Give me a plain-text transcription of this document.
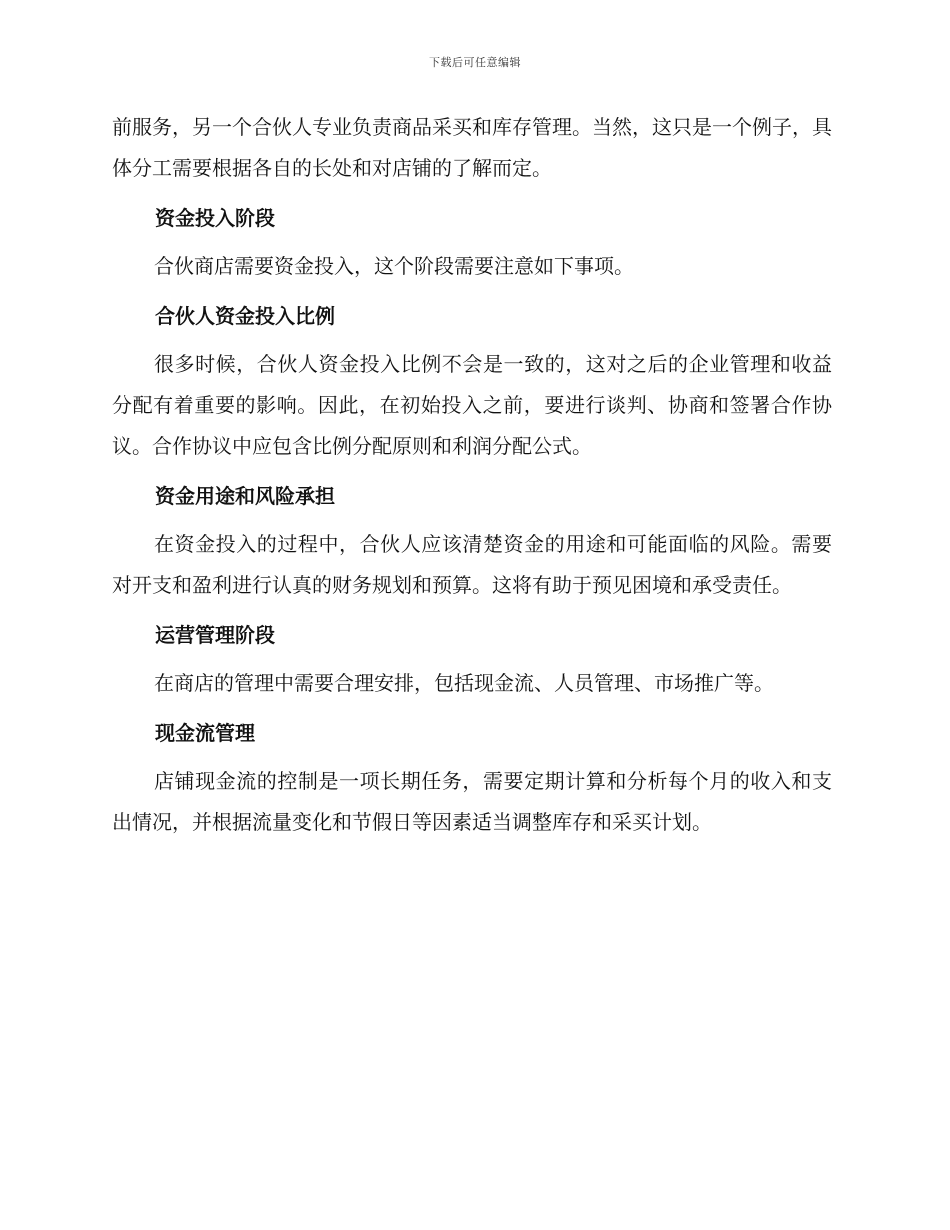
下载后可任意编辑

前服务，另一个合伙人专业负责商品采买和库存管理。当然，这只是一个例子，具体分工需要根据各自的长处和对店铺的了解而定。

资金投入阶段

合伙商店需要资金投入，这个阶段需要注意如下事项。

合伙人资金投入比例

很多时候，合伙人资金投入比例不会是一致的，这对之后的企业管理和收益分配有着重要的影响。因此，在初始投入之前，要进行谈判、协商和签署合作协议。合作协议中应包含比例分配原则和利润分配公式。

资金用途和风险承担

在资金投入的过程中，合伙人应该清楚资金的用途和可能面临的风险。需要对开支和盈利进行认真的财务规划和预算。这将有助于预见困境和承受责任。

运营管理阶段

在商店的管理中需要合理安排，包括现金流、人员管理、市场推广等。

现金流管理

店铺现金流的控制是一项长期任务，需要定期计算和分析每个月的收入和支出情况，并根据流量变化和节假日等因素适当调整库存和采买计划。
